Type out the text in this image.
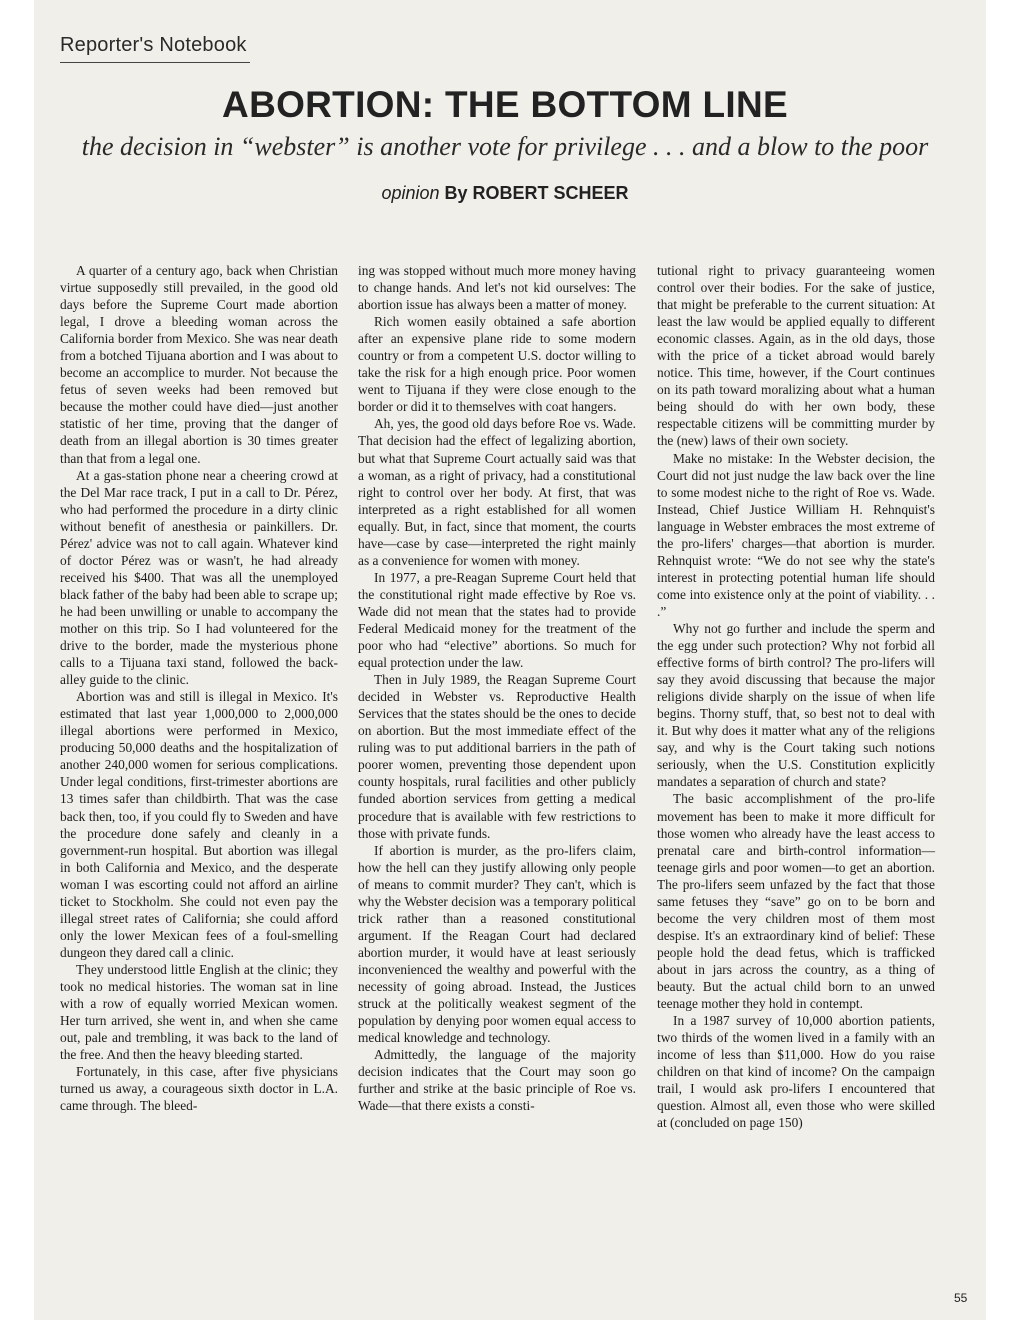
Reporter's Notebook
ABORTION: THE BOTTOM LINE

the decision in “webster” is another vote for privilege . . . and a blow to the poor

opinion By ROBERT SCHEER

A quarter of a century ago, back when Christian virtue supposedly still prevailed, in the good old days before the Supreme Court made abortion legal, I drove a bleeding woman across the California border from Mexico. She was near death from a botched Tijuana abortion and I was about to become an accomplice to murder. Not because the fetus of seven weeks had been removed but because the mother could have died—just another statistic of her time, proving that the danger of death from an illegal abortion is 30 times greater than that from a legal one.

At a gas-station phone near a cheering crowd at the Del Mar race track, I put in a call to Dr. Pérez, who had performed the procedure in a dirty clinic without benefit of anesthesia or painkillers. Dr. Pérez' advice was not to call again. Whatever kind of doctor Pérez was or wasn't, he had already received his $400. That was all the unemployed black father of the baby had been able to scrape up; he had been unwilling or unable to accompany the mother on this trip. So I had volunteered for the drive to the border, made the mysterious phone calls to a Tijuana taxi stand, followed the back-alley guide to the clinic.

Abortion was and still is illegal in Mexico. It's estimated that last year 1,000,000 to 2,000,000 illegal abortions were performed in Mexico, producing 50,000 deaths and the hospitalization of another 240,000 women for serious complications. Under legal conditions, first-trimester abortions are 13 times safer than childbirth. That was the case back then, too, if you could fly to Sweden and have the procedure done safely and cleanly in a government-run hospital. But abortion was illegal in both California and Mexico, and the desperate woman I was escorting could not afford an airline ticket to Stockholm. She could not even pay the illegal street rates of California; she could afford only the lower Mexican fees of a foul-smelling dungeon they dared call a clinic.

They understood little English at the clinic; they took no medical histories. The woman sat in line with a row of equally worried Mexican women. Her turn arrived, she went in, and when she came out, pale and trembling, it was back to the land of the free. And then the heavy bleeding started.

Fortunately, in this case, after five physicians turned us away, a courageous sixth doctor in L.A. came through. The bleed-

ing was stopped without much more money having to change hands. And let's not kid ourselves: The abortion issue has always been a matter of money.

Rich women easily obtained a safe abortion after an expensive plane ride to some modern country or from a competent U.S. doctor willing to take the risk for a high enough price. Poor women went to Tijuana if they were close enough to the border or did it to themselves with coat hangers.

Ah, yes, the good old days before Roe vs. Wade. That decision had the effect of legalizing abortion, but what that Supreme Court actually said was that a woman, as a right of privacy, had a constitutional right to control over her body. At first, that was interpreted as a right established for all women equally. But, in fact, since that moment, the courts have—case by case—interpreted the right mainly as a convenience for women with money.

In 1977, a pre-Reagan Supreme Court held that the constitutional right made effective by Roe vs. Wade did not mean that the states had to provide Federal Medicaid money for the treatment of the poor who had “elective” abortions. So much for equal protection under the law.

Then in July 1989, the Reagan Supreme Court decided in Webster vs. Reproductive Health Services that the states should be the ones to decide on abortion. But the most immediate effect of the ruling was to put additional barriers in the path of poorer women, preventing those dependent upon county hospitals, rural facilities and other publicly funded abortion services from getting a medical procedure that is available with few restrictions to those with private funds.

If abortion is murder, as the pro-lifers claim, how the hell can they justify allowing only people of means to commit murder? They can't, which is why the Webster decision was a temporary political trick rather than a reasoned constitutional argument. If the Reagan Court had declared abortion murder, it would have at least seriously inconvenienced the wealthy and powerful with the necessity of going abroad. Instead, the Justices struck at the politically weakest segment of the population by denying poor women equal access to medical knowledge and technology.

Admittedly, the language of the majority decision indicates that the Court may soon go further and strike at the basic principle of Roe vs. Wade—that there exists a consti-

tutional right to privacy guaranteeing women control over their bodies. For the sake of justice, that might be preferable to the current situation: At least the law would be applied equally to different economic classes. Again, as in the old days, those with the price of a ticket abroad would barely notice. This time, however, if the Court continues on its path toward moralizing about what a human being should do with her own body, these respectable citizens will be committing murder by the (new) laws of their own society.

Make no mistake: In the Webster decision, the Court did not just nudge the law back over the line to some modest niche to the right of Roe vs. Wade. Instead, Chief Justice William H. Rehnquist's language in Webster embraces the most extreme of the pro-lifers' charges—that abortion is murder. Rehnquist wrote: “We do not see why the state's interest in protecting potential human life should come into existence only at the point of viability. . . .”

Why not go further and include the sperm and the egg under such protection? Why not forbid all effective forms of birth control? The pro-lifers will say they avoid discussing that because the major religions divide sharply on the issue of when life begins. Thorny stuff, that, so best not to deal with it. But why does it matter what any of the religions say, and why is the Court taking such notions seriously, when the U.S. Constitution explicitly mandates a separation of church and state?

The basic accomplishment of the pro-life movement has been to make it more difficult for those women who already have the least access to prenatal care and birth-control information—teenage girls and poor women—to get an abortion. The pro-lifers seem unfazed by the fact that those same fetuses they “save” go on to be born and become the very children most of them most despise. It's an extraordinary kind of belief: These people hold the dead fetus, which is trafficked about in jars across the country, as a thing of beauty. But the actual child born to an unwed teenage mother they hold in contempt.

In a 1987 survey of 10,000 abortion patients, two thirds of the women lived in a family with an income of less than $11,000. How do you raise children on that kind of income? On the campaign trail, I would ask pro-lifers I encountered that question. Almost all, even those who were skilled at (concluded on page 150)

55
